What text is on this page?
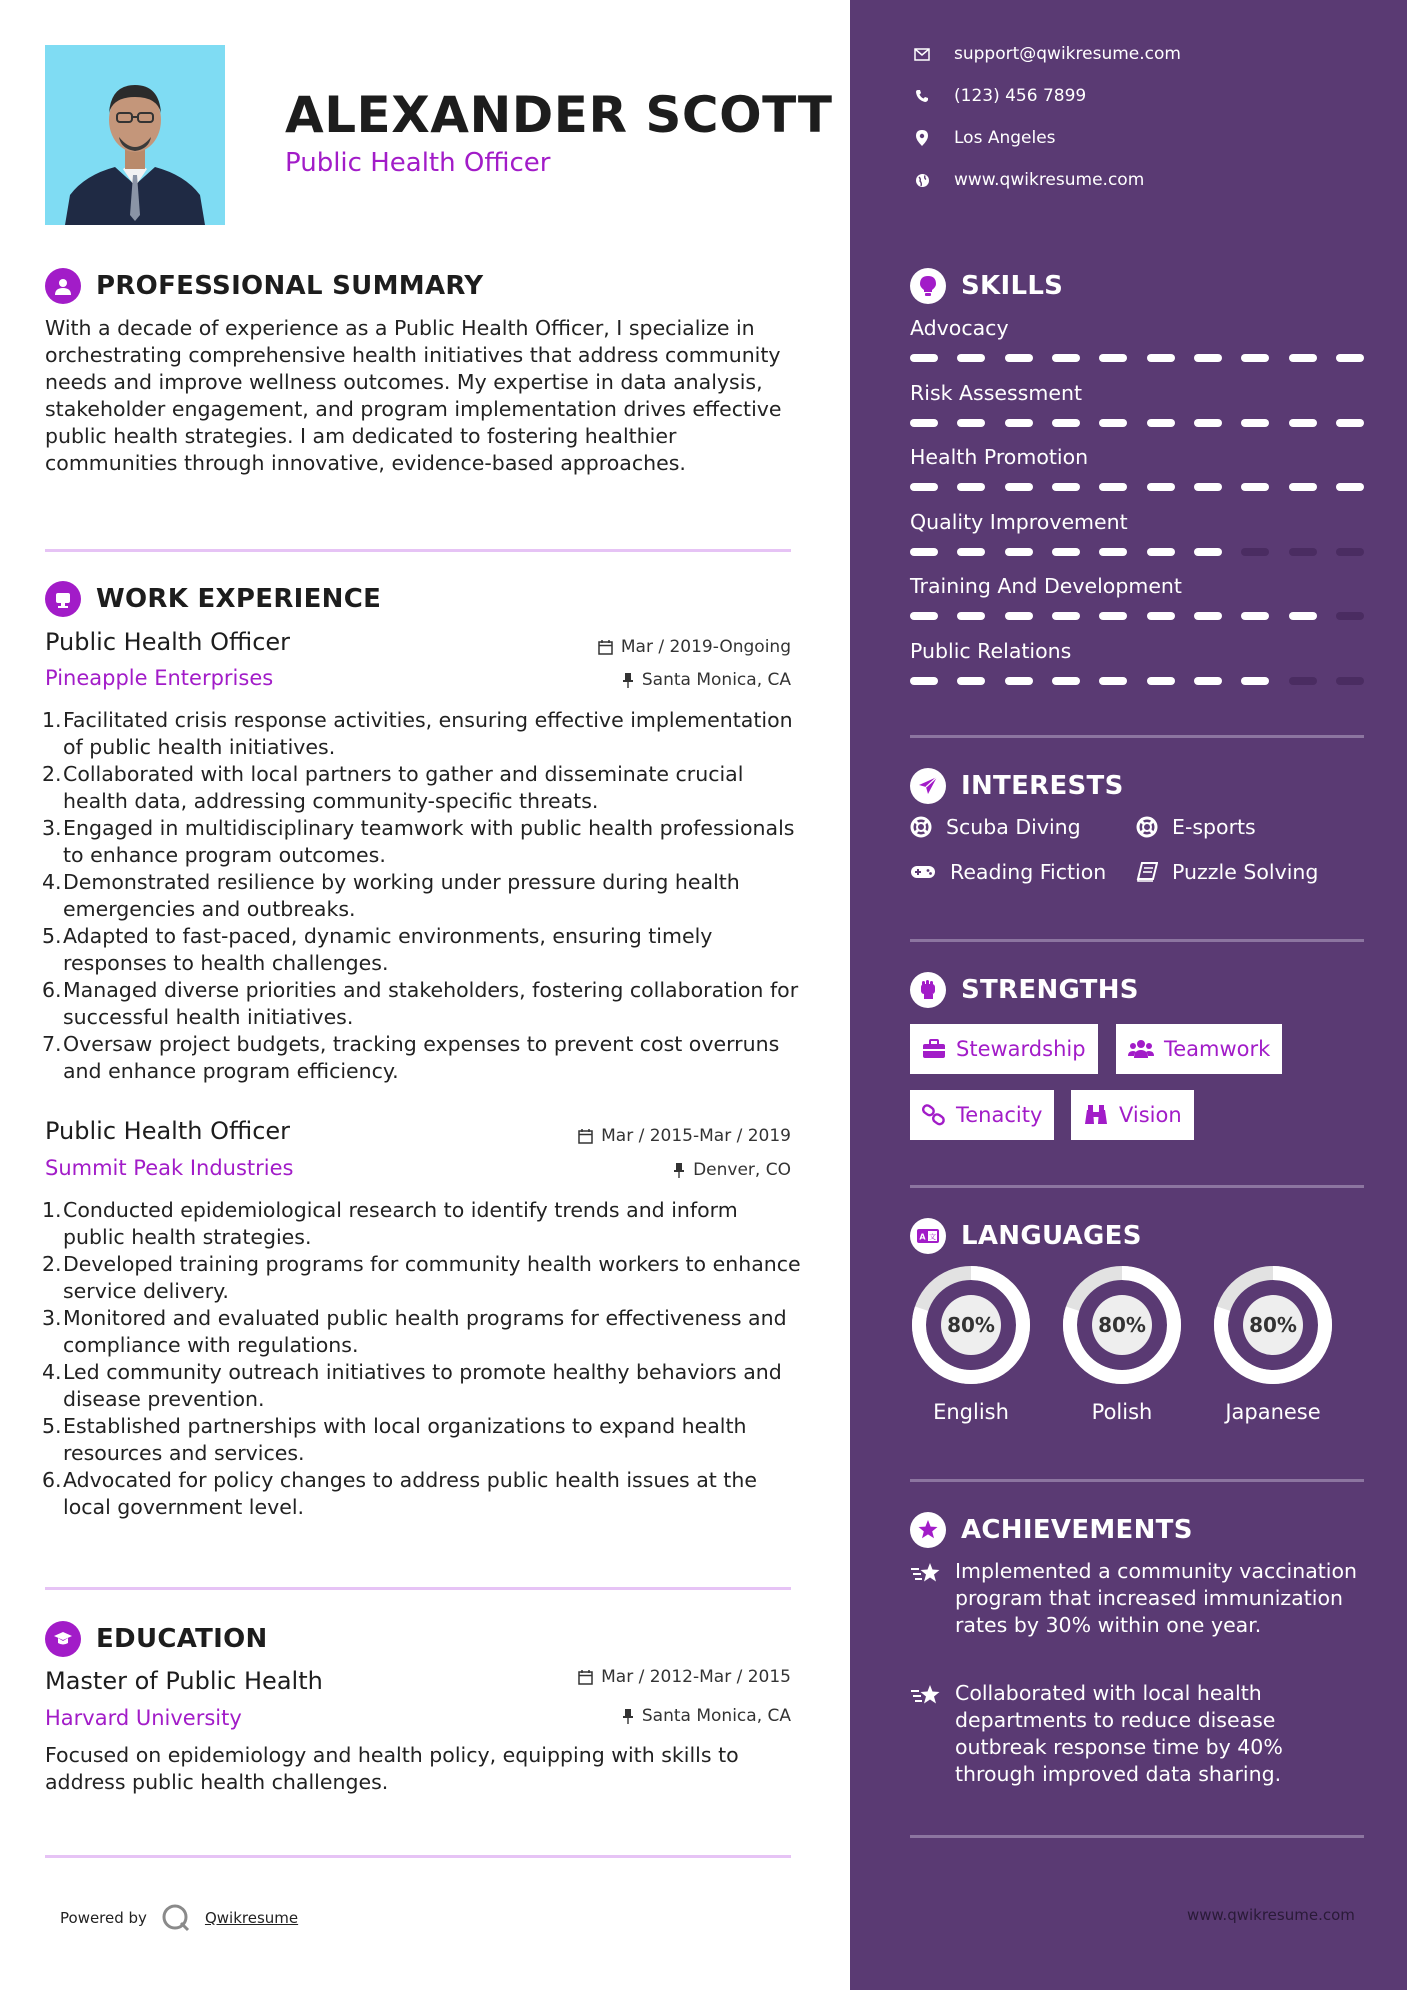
ALEXANDER SCOTT
Public Health Officer
PROFESSIONAL SUMMARY
With a decade of experience as a Public Health Officer, I specialize in orchestrating comprehensive health initiatives that address community needs and improve wellness outcomes. My expertise in data analysis, stakeholder engagement, and program implementation drives effective public health strategies. I am dedicated to fostering healthier communities through innovative, evidence-based approaches.
WORK EXPERIENCE
Public Health Officer	Mar / 2019-Ongoing
Pineapple Enterprises	Santa Monica, CA
1. Facilitated crisis response activities, ensuring effective implementation of public health initiatives.
2. Collaborated with local partners to gather and disseminate crucial health data, addressing community-specific threats.
3. Engaged in multidisciplinary teamwork with public health professionals to enhance program outcomes.
4. Demonstrated resilience by working under pressure during health emergencies and outbreaks.
5. Adapted to fast-paced, dynamic environments, ensuring timely responses to health challenges.
6. Managed diverse priorities and stakeholders, fostering collaboration for successful health initiatives.
7. Oversaw project budgets, tracking expenses to prevent cost overruns and enhance program efficiency.
Public Health Officer	Mar / 2015-Mar / 2019
Summit Peak Industries	Denver, CO
1. Conducted epidemiological research to identify trends and inform public health strategies.
2. Developed training programs for community health workers to enhance service delivery.
3. Monitored and evaluated public health programs for effectiveness and compliance with regulations.
4. Led community outreach initiatives to promote healthy behaviors and disease prevention.
5. Established partnerships with local organizations to expand health resources and services.
6. Advocated for policy changes to address public health issues at the local government level.
EDUCATION
Master of Public Health	Mar / 2012-Mar / 2015
Harvard University	Santa Monica, CA
Focused on epidemiology and health policy, equipping with skills to address public health challenges.
Powered by	Qwikresume
support@qwikresume.com
(123) 456 7899
Los Angeles
www.qwikresume.com
SKILLS
Advocacy
Risk Assessment
Health Promotion
Quality Improvement
Training And Development
Public Relations
INTERESTS
Scuba Diving	E-sports
Reading Fiction	Puzzle Solving
STRENGTHS
Stewardship	Teamwork
Tenacity	Vision
A 文 LANGUAGES
80%
English
80%
Polish
80%
Japanese
ACHIEVEMENTS
Implemented a community vaccination program that increased immunization rates by 30% within one year.
Collaborated with local health departments to reduce disease outbreak response time by 40% through improved data sharing.
www.qwikresume.com
